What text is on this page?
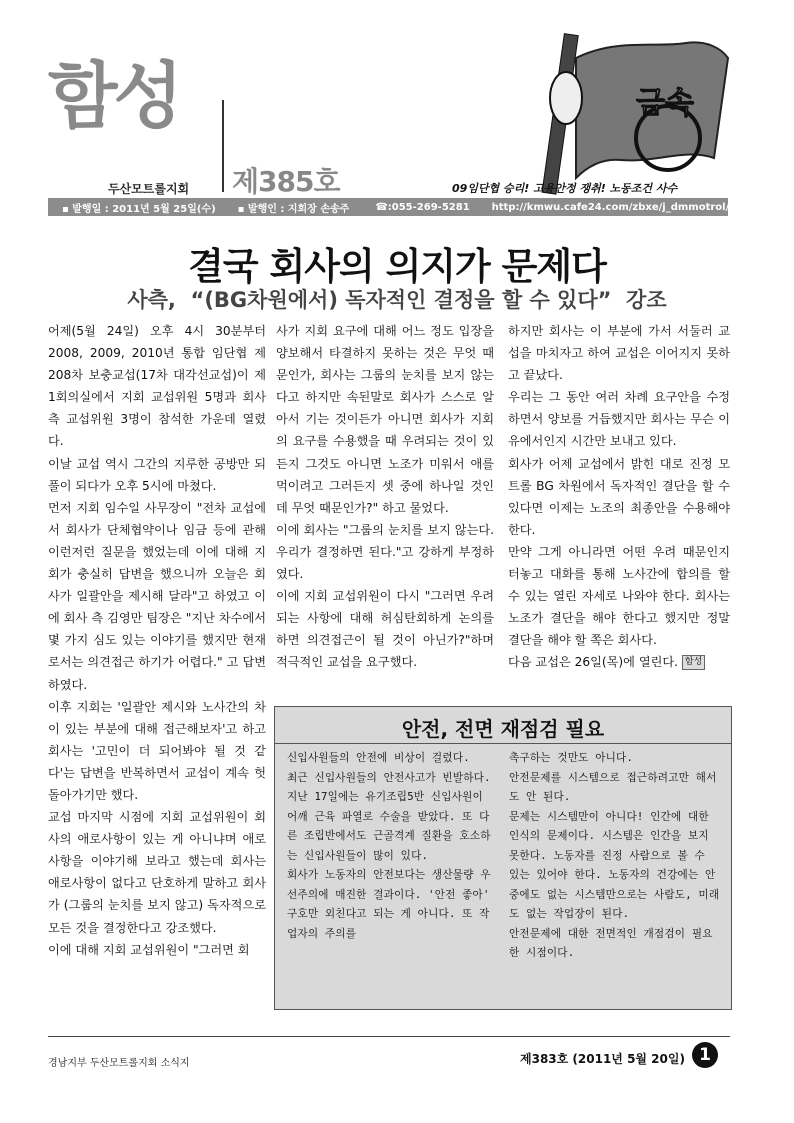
함성
두산모트롤지회 제385호
금속
09임단협 승리! 고용안정 쟁취! 노동조건 사수
▪ 발행일 : 2011년 5월 25일(수) ▪ 발행인 : 지회장 손송주	☎:055-269-5281 http://kmwu.cafe24.com/zbxe/j_dmmotrol/
결국 회사의 의지가 문제다
사측,  “(BG차원에서) 독자적인 결정을 할 수 있다”  강조

어제(5월 24일) 오후 4시 30분부터 2008, 2009, 2010년 통합 임단협 제208차 보충교섭(17차 대각선교섭)이 제1회의실에서 지회 교섭위원 5명과 회사 측 교섭위원 3명이 참석한 가운데 열렸다.

이날 교섭 역시 그간의 지루한 공방만 되풀이 되다가 오후 5시에 마쳤다.

먼저 지회 임수일 사무장이 "전차 교섭에서 회사가 단체협약이나 임금 등에 관해 이런저런 질문을 했었는데 이에 대해 지회가 충실히 답변을 했으니까 오늘은 회사가 일괄안을 제시해 달라"고 하였고 이에 회사 측 김영만 팀장은 "지난 차수에서 몇 가지 심도 있는 이야기를 했지만 현재로서는 의견접근 하기가 어렵다." 고 답변하였다.

이후 지회는 '일괄안 제시와 노사간의 차이 있는 부분에 대해 접근해보자'고 하고 회사는 '고민이 더 되어봐야 될 것 같다'는 답변을 반복하면서 교섭이 계속 헛돌아가기만 했다.

교섭 마지막 시점에 지회 교섭위원이 회사의 애로사항이 있는 게 아니냐며 애로사항을 이야기해 보라고 했는데 회사는 애로사항이 없다고 단호하게 말하고 회사가 (그룹의 눈치를 보지 않고) 독자적으로 모든 것을 결정한다고 강조했다.

이에 대해 지회 교섭위원이 "그러면 회

사가 지회 요구에 대해 어느 정도 입장을 양보해서 타결하지 못하는 것은 무엇 때문인가, 회사는 그룹의 눈치를 보지 않는다고 하지만 속된말로 회사가 스스로 알아서 기는 것이든가 아니면 회사가 지회의 요구를 수용했을 때 우려되는 것이 있든지 그것도 아니면 노조가 미워서 애를 먹이려고 그러든지 셋 중에 하나일 것인데 무엇 때문인가?" 하고 물었다.

이에 회사는 "그룹의 눈치를 보지 않는다. 우리가 결정하면 된다."고 강하게 부정하였다.

이에 지회 교섭위원이 다시 "그러면 우려되는 사항에 대해 허심탄회하게 논의를 하면 의견접근이 될 것이 아닌가?"하며 적극적인 교섭을 요구했다.

하지만 회사는 이 부분에 가서 서둘러 교섭을 마치자고 하여 교섭은 이어지지 못하고 끝났다.

우리는 그 동안 여러 차례 요구안을 수정하면서 양보를 거듭했지만 회사는 무슨 이유에서인지 시간만 보내고 있다.

회사가 어제 교섭에서 밝힌 대로 진정 모트롤 BG 차원에서 독자적인 결단을 할 수 있다면 이제는 노조의 최종안을 수용해야 한다.

만약 그게 아니라면 어떤 우려 때문인지 터놓고 대화를 통해 노사간에 합의를 할 수 있는 열린 자세로 나와야 한다. 회사는 노조가 결단을 해야 한다고 했지만 정말 결단을 해야 할 쪽은 회사다.

다음 교섭은 26일(목)에 열린다. 함성

안전, 전면 재점검 필요

신입사원들의 안전에 비상이 걸렸다.

최근 신입사원들의 안전사고가 빈발하다. 지난 17일에는 유기조립5반 신입사원이 어깨 근육 파열로 수술을 받았다. 또 다른 조립반에서도 근골격계 질환을 호소하는 신입사원들이 많이 있다.

회사가 노동자의 안전보다는 생산물량 우선주의에 매진한 결과이다. '안전 좋아' 구호만 외친다고 되는 게 아니다. 또 작업자의 주의를

촉구하는 것만도 아니다.

안전문제를 시스템으로 접근하려고만 해서도 안 된다.

문제는 시스템만이 아니다! 인간에 대한 인식의 문제이다. 시스템은 인간을 보지 못한다. 노동자를 진정 사람으로 볼 수 있는 있어야 한다. 노동자의 건강에는 안중에도 없는 시스템만으로는 사람도, 미래도 없는 작업장이 된다.

안전문제에 대한 전면적인 개점검이 필요한 시점이다.

경남지부 두산모트롤지회 소식지	제383호 (2011년 5월 20일) 1
